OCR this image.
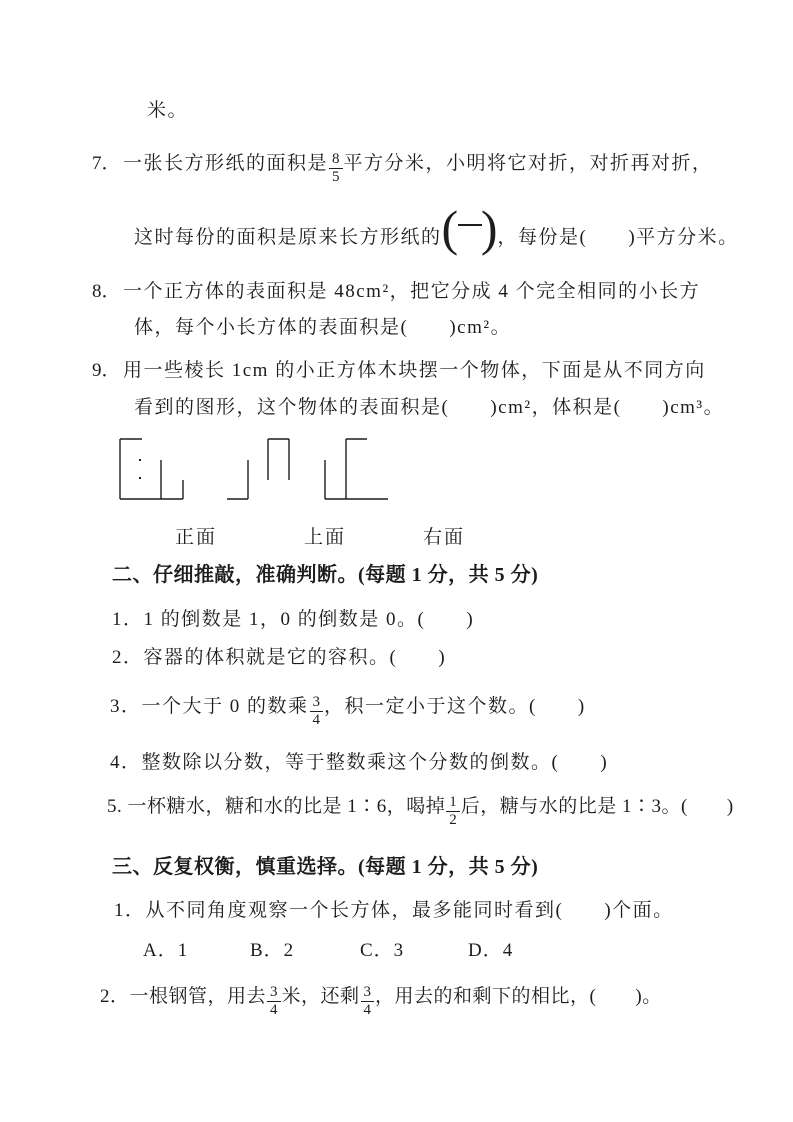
米。
7． 一张长方形纸的面积是 $\frac{8}{5}$ 平方分米，小明将它对折，对折再对折，
这时每份的面积是原来长方形纸的 ( ) ，每份是(　　)平方分米。
8． 一个正方体的表面积是 48cm²，把它分成 4 个完全相同的小长方
体，每个小长方体的表面积是(　　)cm²。
9． 用一些棱长 1cm 的小正方体木块摆一个物体，下面是从不同方向
看到的图形，这个物体的表面积是(　　)cm²，体积是(　　)cm³。
正面	上面	右面
二、仔细推敲，准确判断。(每题 1 分，共 5 分)
1．1 的倒数是 1，0 的倒数是 0。(　　)
2．容器的体积就是它的容积。(　　)
3．一个大于 0 的数乘 $\frac{3}{4}$ ，积一定小于这个数。(　　)
4．整数除以分数，等于整数乘这个分数的倒数。(　　)
5. 一杯糖水，糖和水的比是 1∶6，喝掉 $\frac{1}{2}$ 后，糖与水的比是 1∶3。(　　)
三、反复权衡，慎重选择。(每题 1 分，共 5 分)
1．从不同角度观察一个长方体，最多能同时看到(　　)个面。
A．1	B．2	C．3	D．4
2．一根钢管，用去 $\frac{3}{4}$ 米，还剩 $\frac{3}{4}$ ，用去的和剩下的相比，(　　)。
